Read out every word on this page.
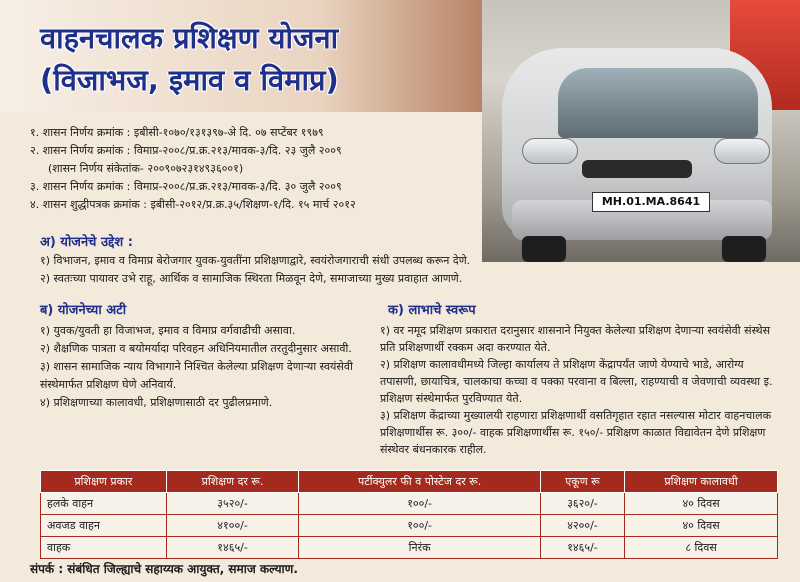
वाहनचालक प्रशिक्षण योजना
(विजाभज, इमाव व विमाप्र)
MH.01.MA.8641
१. शासन निर्णय क्रमांक : इबीसी-१०७०/१३१३९७-अे दि. ०७ सप्टेंबर १९७९
२. शासन निर्णय क्रमांक : विमाप्र-२००८/प्र.क्र.२१३/मावक-३/दि. २३ जुलै २००९
(शासन निर्णय संकेतांक- २००९०७२३१४९३६००१)
३. शासन निर्णय क्रमांक : विमाप्र-२००८/प्र.क्र.२१३/मावक-३/दि. ३० जुलै २००९
४. शासन शुद्धीपत्रक क्रमांक : इबीसी-२०१२/प्र.क्र.३५/शिक्षण-१/दि. १५ मार्च २०१२
अ) योजनेचे उद्देश :
१) विभाजन, इमाव व विमाप्र बेरोजगार युवक-युवतींना प्रशिक्षणाद्वारे, स्वयंरोजगाराची संधी उपलब्ध करून देणे.
२) स्वतःच्या पायावर उभे राहू, आर्थिक व सामाजिक स्थिरता मिळवून देणे, समाजाच्या मुख्य प्रवाहात आणणे.
ब) योजनेच्या अटी
१) युवक/युवती हा विजाभज, इमाव व विमाप्र वर्गवाढीची असावा.
२) शैक्षणिक पात्रता व बयोमर्यादा परिवहन अधिनियमातील तरतुदीनुसार असावी.
३) शासन सामाजिक न्याय विभागाने निश्चित केलेल्या प्रशिक्षण देणाऱ्या स्वयंसेवी संस्थेमार्फत प्रशिक्षण घेणे अनिवार्य.
४) प्रशिक्षणाच्या कालावधी, प्रशिक्षणासाठी दर पुढीलप्रमाणे.
क) लाभाचे स्वरूप
१) वर नमूद प्रशिक्षण प्रकारात दरानुसार शासनाने नियुक्त केलेल्या प्रशिक्षण देणाऱ्या स्वयंसेवी संस्थेस प्रति प्रशिक्षणार्थी रक्कम अदा करण्यात येते.
२) प्रशिक्षण कालावधीमध्ये जिल्हा कार्यालय ते प्रशिक्षण केंद्रापर्यंत जाणे येण्याचे भाडे, आरोग्य तपासणी, छायाचित्र, चालकाचा कच्चा व पक्का परवाना व बिल्ला, राहण्याची व जेवणाची व्यवस्था इ. प्रशिक्षण संस्थेमार्फत पुरविण्यात येते.
३) प्रशिक्षण केंद्राच्या मुख्यालयी राहणारा प्रशिक्षणार्थी वसतिगृहात रहात नसल्यास मोटार वाहनचालक प्रशिक्षणार्थीस रू. ३००/- वाहक प्रशिक्षणार्थीस रू. १५०/- प्रशिक्षण काळात विद्यावेतन देणे प्रशिक्षण संस्थेवर बंधनकारक राहील.
प्रशिक्षण प्रकार	प्रशिक्षण दर रू.	पर्टीक्युलर फी व पोस्टेज दर रू.	एकूण रू	प्रशिक्षण कालावधी
हलके वाहन	३५२०/-	१००/-	३६२०/-	४० दिवस
अवजड वाहन	४१००/-	१००/-	४२००/-	४० दिवस
वाहक	१४६५/-	निरंक	१४६५/-	८ दिवस
संपर्क : संबंधित जिल्ह्याचे सहाय्यक आयुक्त, समाज कल्याण.
